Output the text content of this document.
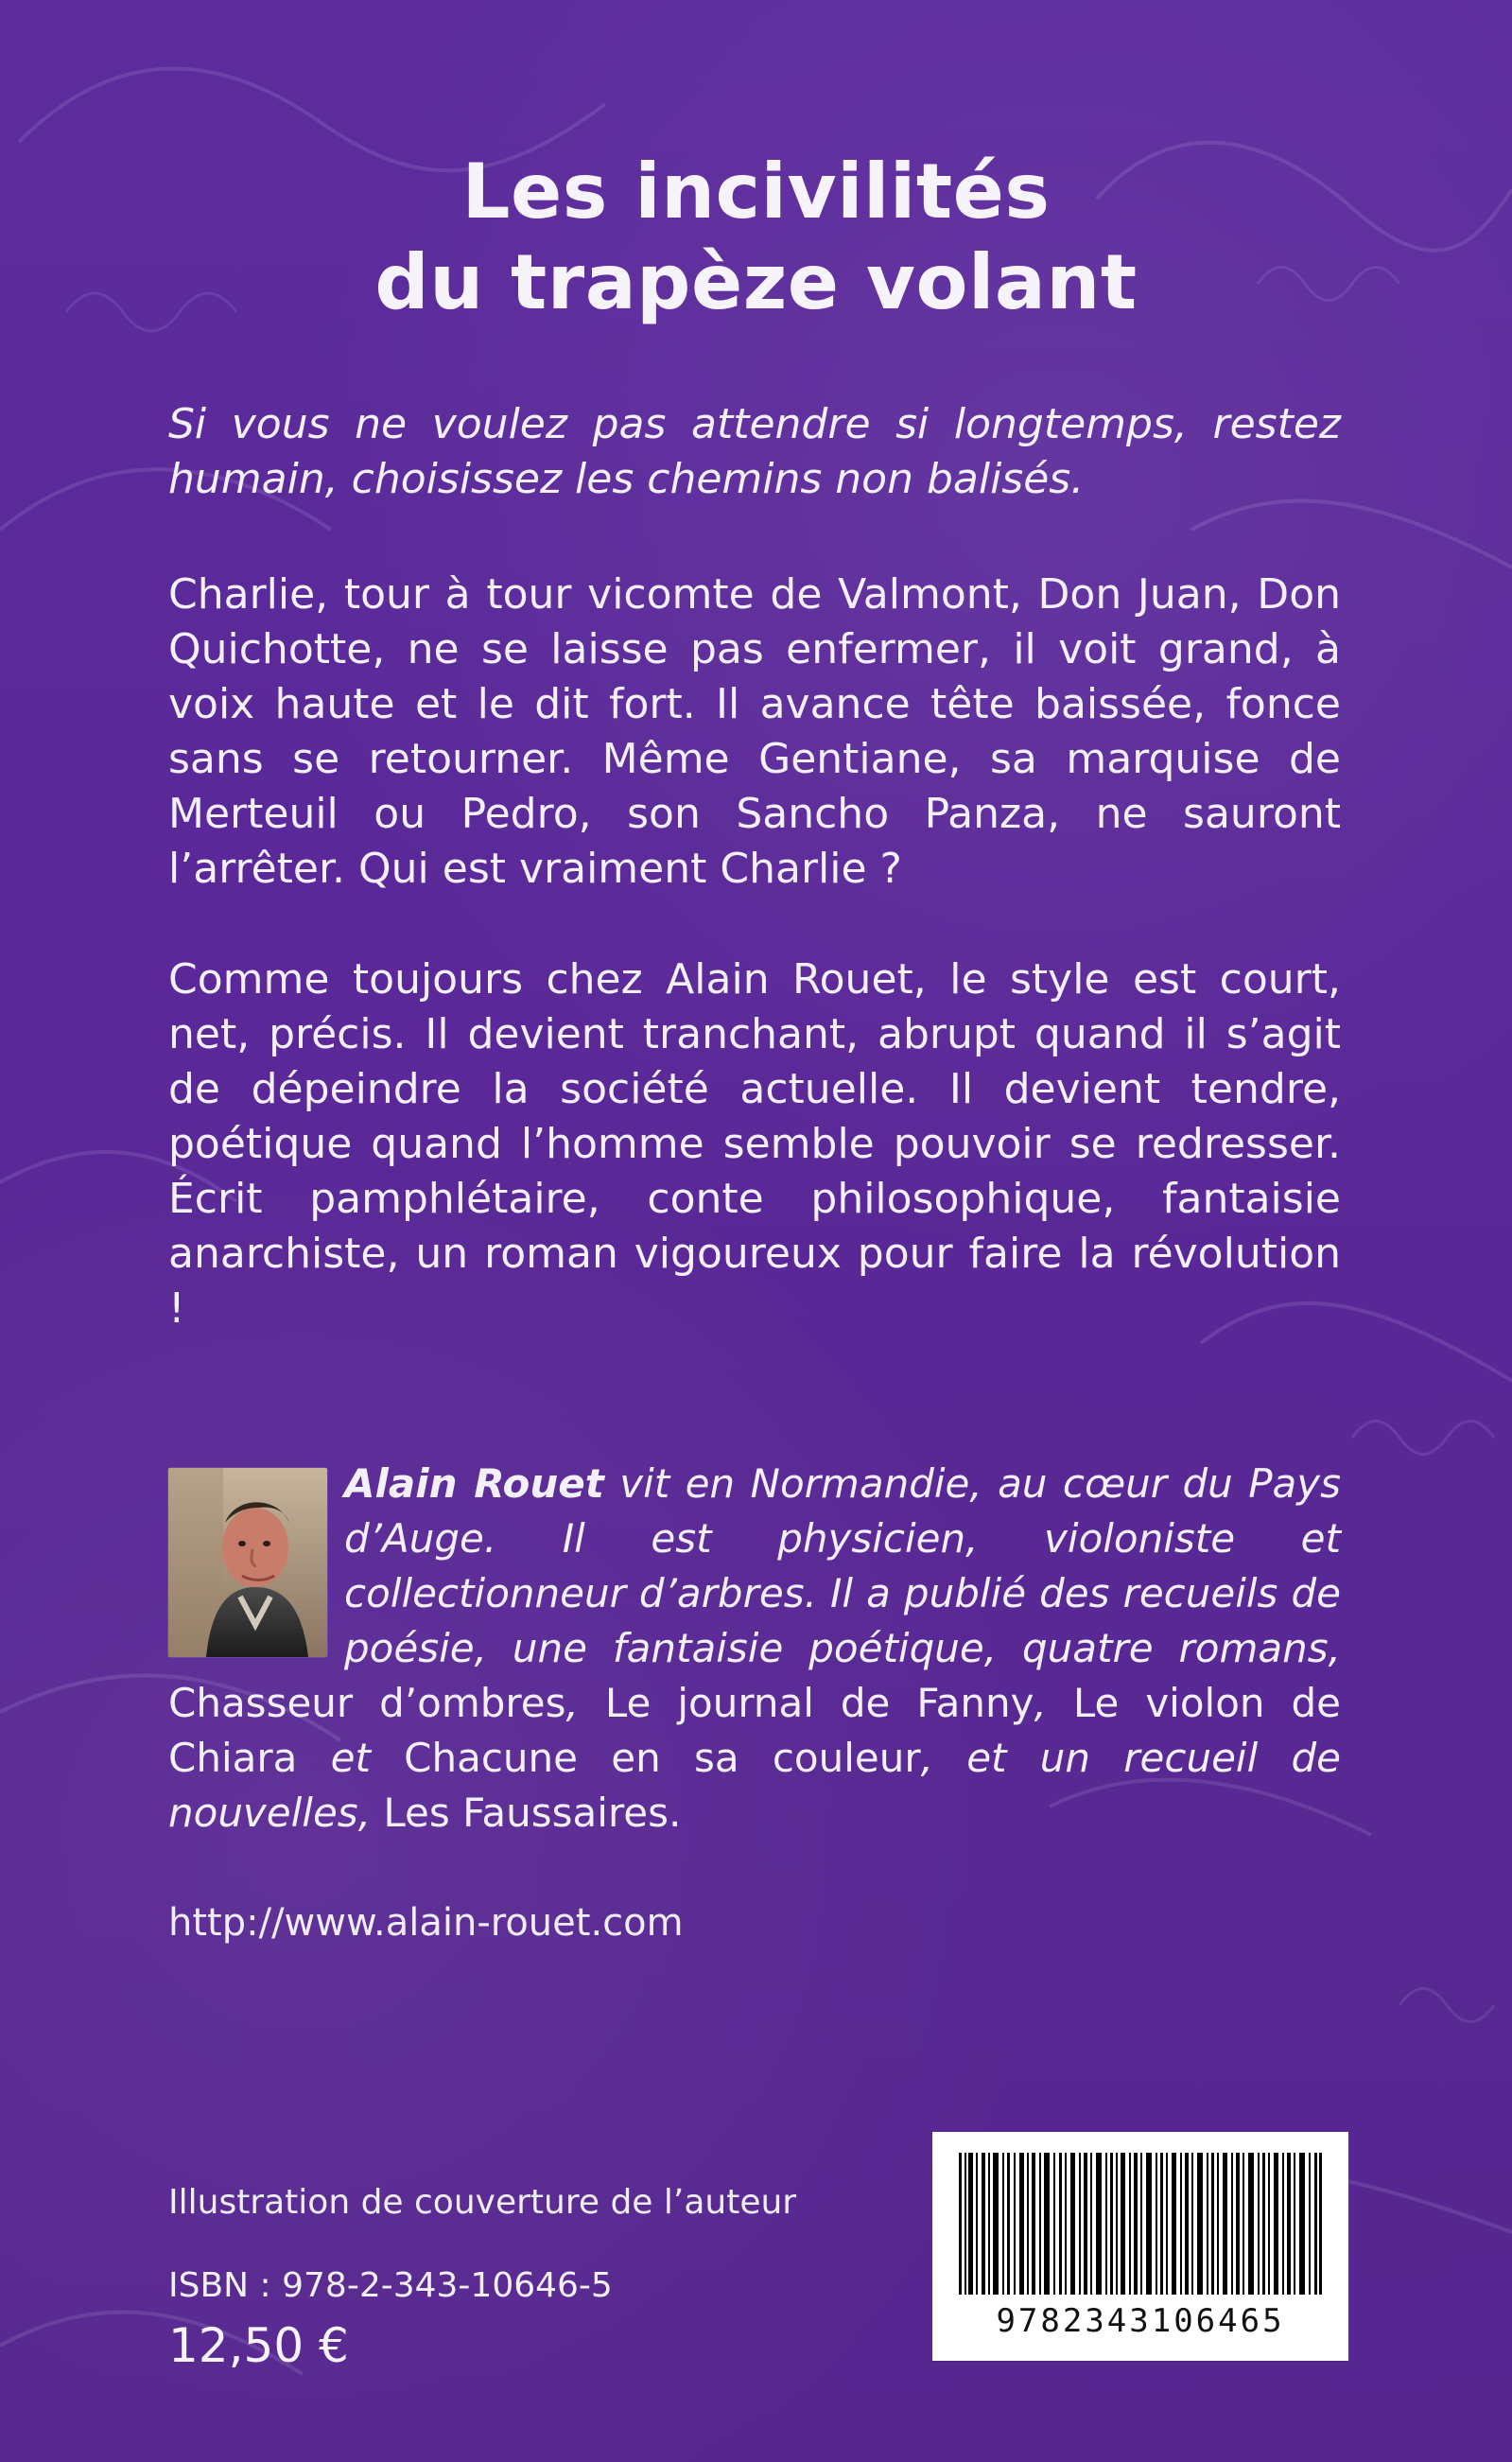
Les incivilités
du trapèze volant
Si vous ne voulez pas attendre si longtemps, restez humain, choisissez les chemins non balisés.
Charlie, tour à tour vicomte de Valmont, Don Juan, Don Quichotte, ne se laisse pas enfermer, il voit grand, à voix haute et le dit fort. Il avance tête baissée, fonce sans se retourner. Même Gentiane, sa marquise de Merteuil ou Pedro, son Sancho Panza, ne sauront l’arrêter. Qui est vraiment Charlie ?
Comme toujours chez Alain Rouet, le style est court, net, précis. Il devient tranchant, abrupt quand il s’agit de dépeindre la société actuelle. Il devient tendre, poétique quand l’homme semble pouvoir se redresser. Écrit pamphlétaire, conte philosophique, fantaisie anarchiste, un roman vigoureux pour faire la révolution !
Alain Rouet vit en Normandie, au cœur du Pays d’Auge. Il est physicien, violoniste et collectionneur d’arbres. Il a publié des recueils de poésie, une fantaisie poétique, quatre romans, Chasseur d’ombres, Le journal de Fanny, Le violon de Chiara et Chacune en sa couleur, et un recueil de nouvelles, Les Faussaires.
http://www.alain-rouet.com
Illustration de couverture de l’auteur
ISBN : 978-2-343-10646-5
12,50 €	9782343106465
